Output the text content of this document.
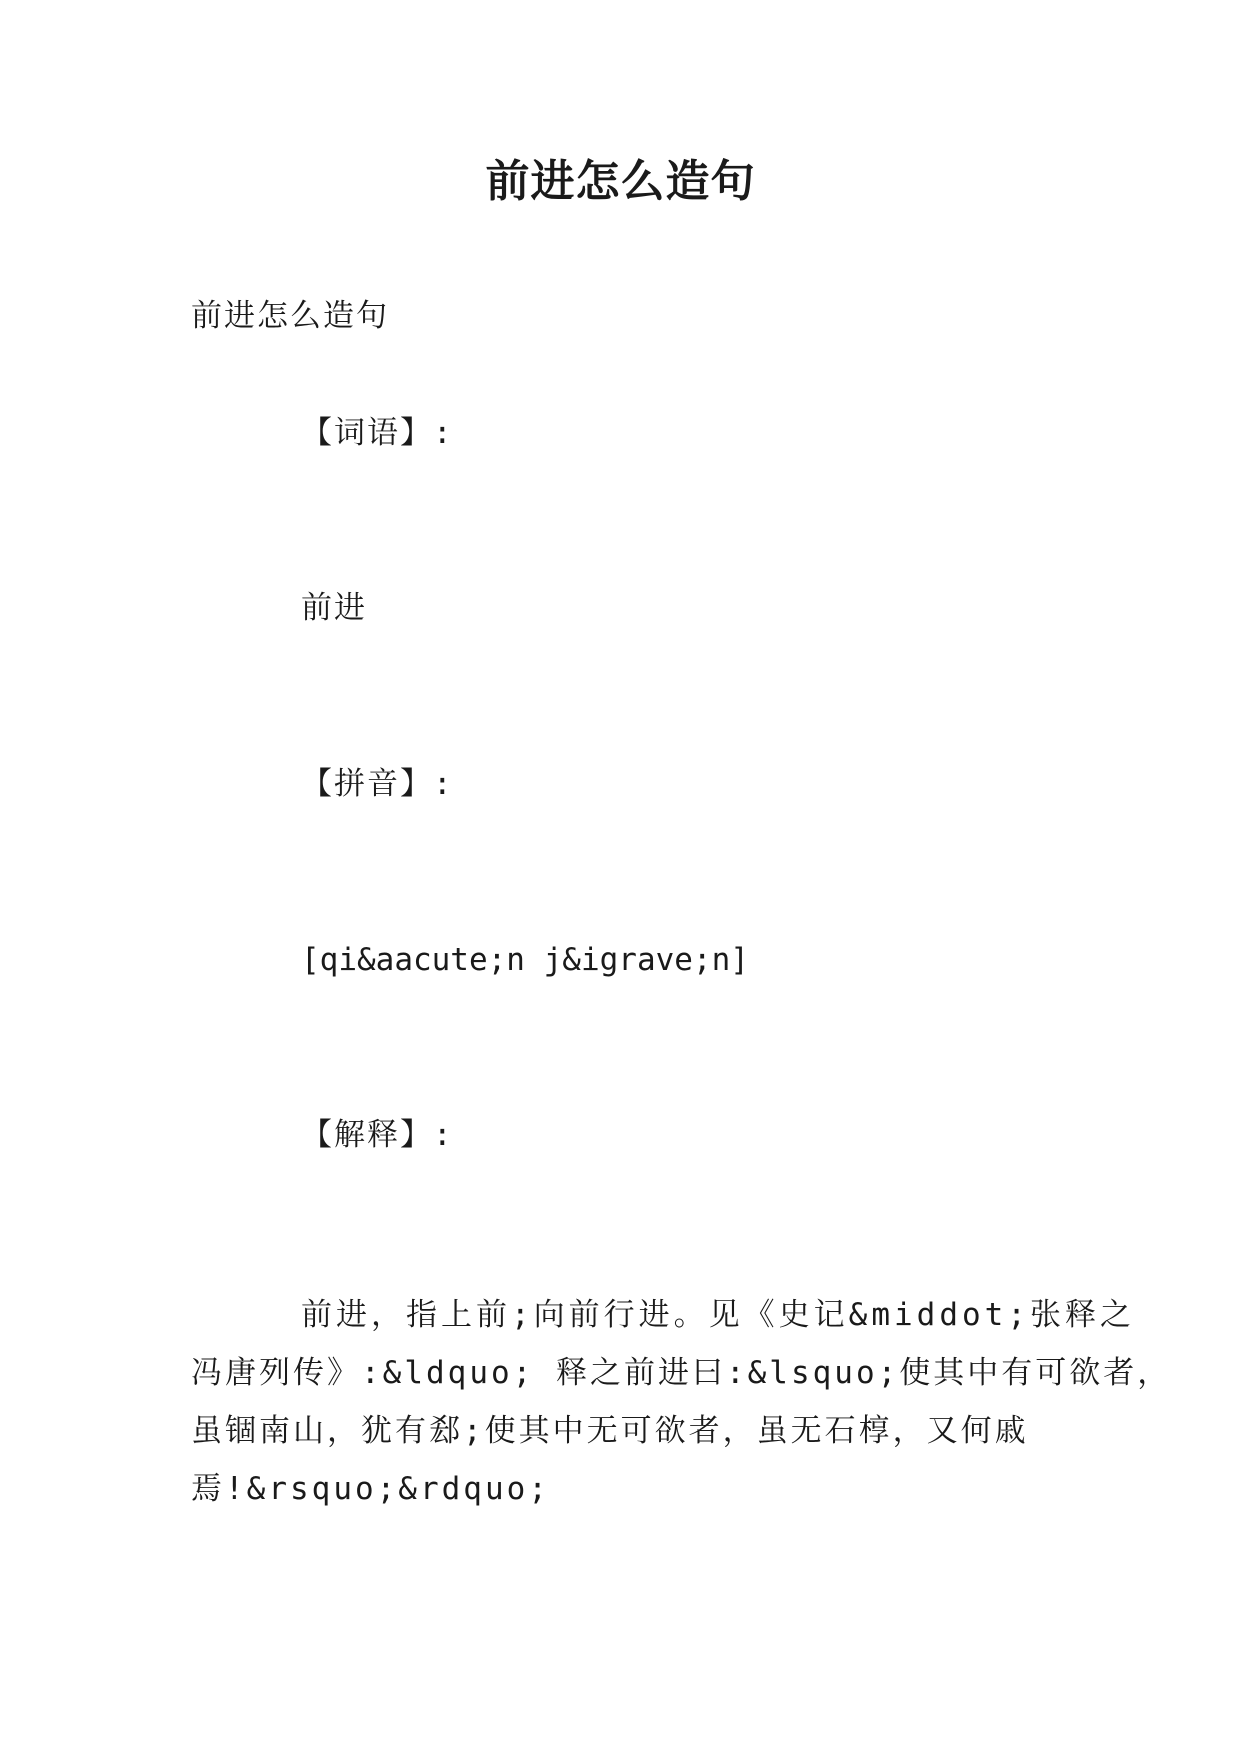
前进怎么造句
前进怎么造句
【词语】:
前进
【拼音】:
[qi&aacute;n j&igrave;n]
【解释】:
前进，指上前;向前行进。见《史记&middot;张释之
冯唐列传》:&ldquo; 释之前进曰:&lsquo;使其中有可欲者，
虽锢南山，犹有郄;使其中无可欲者，虽无石椁，又何戚
焉!&rsquo;&rdquo;
